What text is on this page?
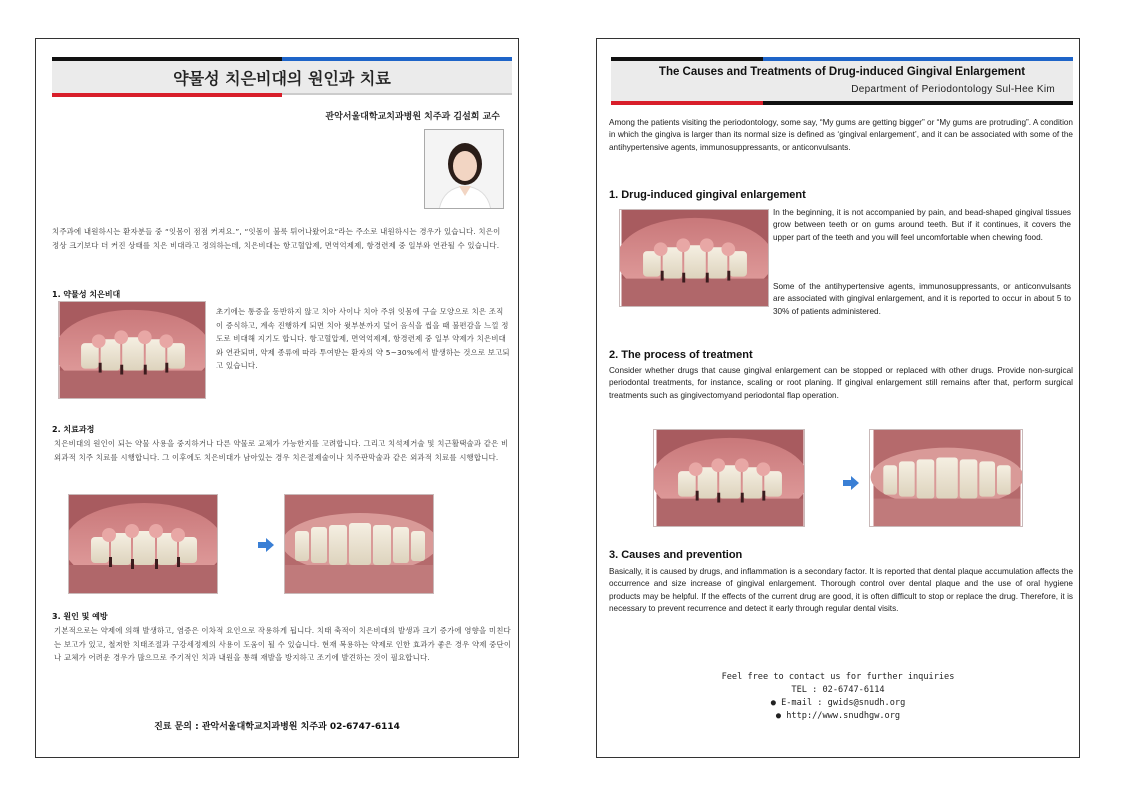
약물성 치은비대의 원인과 치료
관악서울대학교치과병원 치주과 김설희 교수

치주과에 내원하시는 환자분들 중 “잇몸이 점점 커져요.”, “잇몸이 불룩 튀어나왔어요”라는 주소로 내원하시는 경우가 있습니다. 치은이 정상 크기보다 더 커진 상태를 치은 비대라고 정의하는데, 치은비대는 항고혈압제, 면역억제제, 항경련제 중 일부와 연관될 수 있습니다.

1. 약물성 치은비대

초기에는 통증을 동반하지 않고 치아 사이나 치아 주위 잇몸에 구슬 모양으로 치은 조직이 증식하고, 계속 진행하게 되면 치아 윗부분까지 덮어 음식을 씹을 때 불편감을 느낄 정도로 비대해 지기도 합니다. 항고혈압제, 면역억제제, 항경련제 중 일부 약제가 치은비대와 연관되며, 약제 종류에 따라 투여받는 환자의 약 5~30%에서 발생하는 것으로 보고되고 있습니다.

2. 치료과정

치은비대의 원인이 되는 약물 사용을 중지하거나 다른 약물로 교체가 가능한지를 고려합니다. 그리고 치석제거술 및 치근활택술과 같은 비외과적 치주 치료를 시행합니다. 그 이후에도 치은비대가 남아있는 경우 치은절제술이나 치주판막술과 같은 외과적 치료를 시행합니다.

3. 원인 및 예방

기본적으로는 약제에 의해 발생하고, 염증은 이차적 요인으로 작용하게 됩니다. 치태 축적이 치은비대의 발생과 크기 증가에 영향을 미친다는 보고가 있고, 철저한 치태조절과 구강세정제의 사용이 도움이 될 수 있습니다. 현재 복용하는 약제로 인한 효과가 좋은 경우 약제 중단이나 교체가 어려운 경우가 많으므로 주기적인 치과 내원을 통해 재발을 방지하고 조기에 발견하는 것이 필요합니다.

진료 문의 : 관악서울대학교치과병원 치주과 02-6747-6114
The Causes and Treatments of Drug-induced Gingival Enlargement
Department of Periodontology Sul-Hee Kim

Among the patients visiting the periodontology, some say, “My gums are getting bigger” or “My gums are protruding”. A condition in which the gingiva is larger than its normal size is defined as ‘gingival enlargement’, and it can be associated with some of the antihypertensive agents, immunosuppressants, or anticonvulsants.

1. Drug-induced gingival enlargement

In the beginning, it is not accompanied by pain, and bead-shaped gingival tissues grow between teeth or on gums around teeth. But if it continues, it covers the upper part of the teeth and you will feel uncomfortable when chewing food.

Some of the antihypertensive agents, immunosuppressants, or anticonvulsants are associated with gingival enlargement, and it is reported to occur in about 5 to 30% of patients administered.

2. The process of treatment

Consider whether drugs that cause gingival enlargement can be stopped or replaced with other drugs. Provide non-surgical periodontal treatments, for instance, scaling or root planing. If gingival enlargement still remains after that, perform surgical treatments such as gingivectomyand periodontal flap operation.

3. Causes and prevention

Basically, it is caused by drugs, and inflammation is a secondary factor. It is reported that dental plaque accumulation affects the occurrence and size increase of gingival enlargement. Thorough control over dental plaque and the use of oral hygiene products may be helpful. If the effects of the current drug are good, it is often difficult to stop or replace the drug. Therefore, it is necessary to prevent recurrence and detect it early through regular dental visits.

Feel free to contact us for further inquiries
TEL : 02-6747-6114
● E-mail : gwids@snudh.org
● http://www.snudhgw.org
